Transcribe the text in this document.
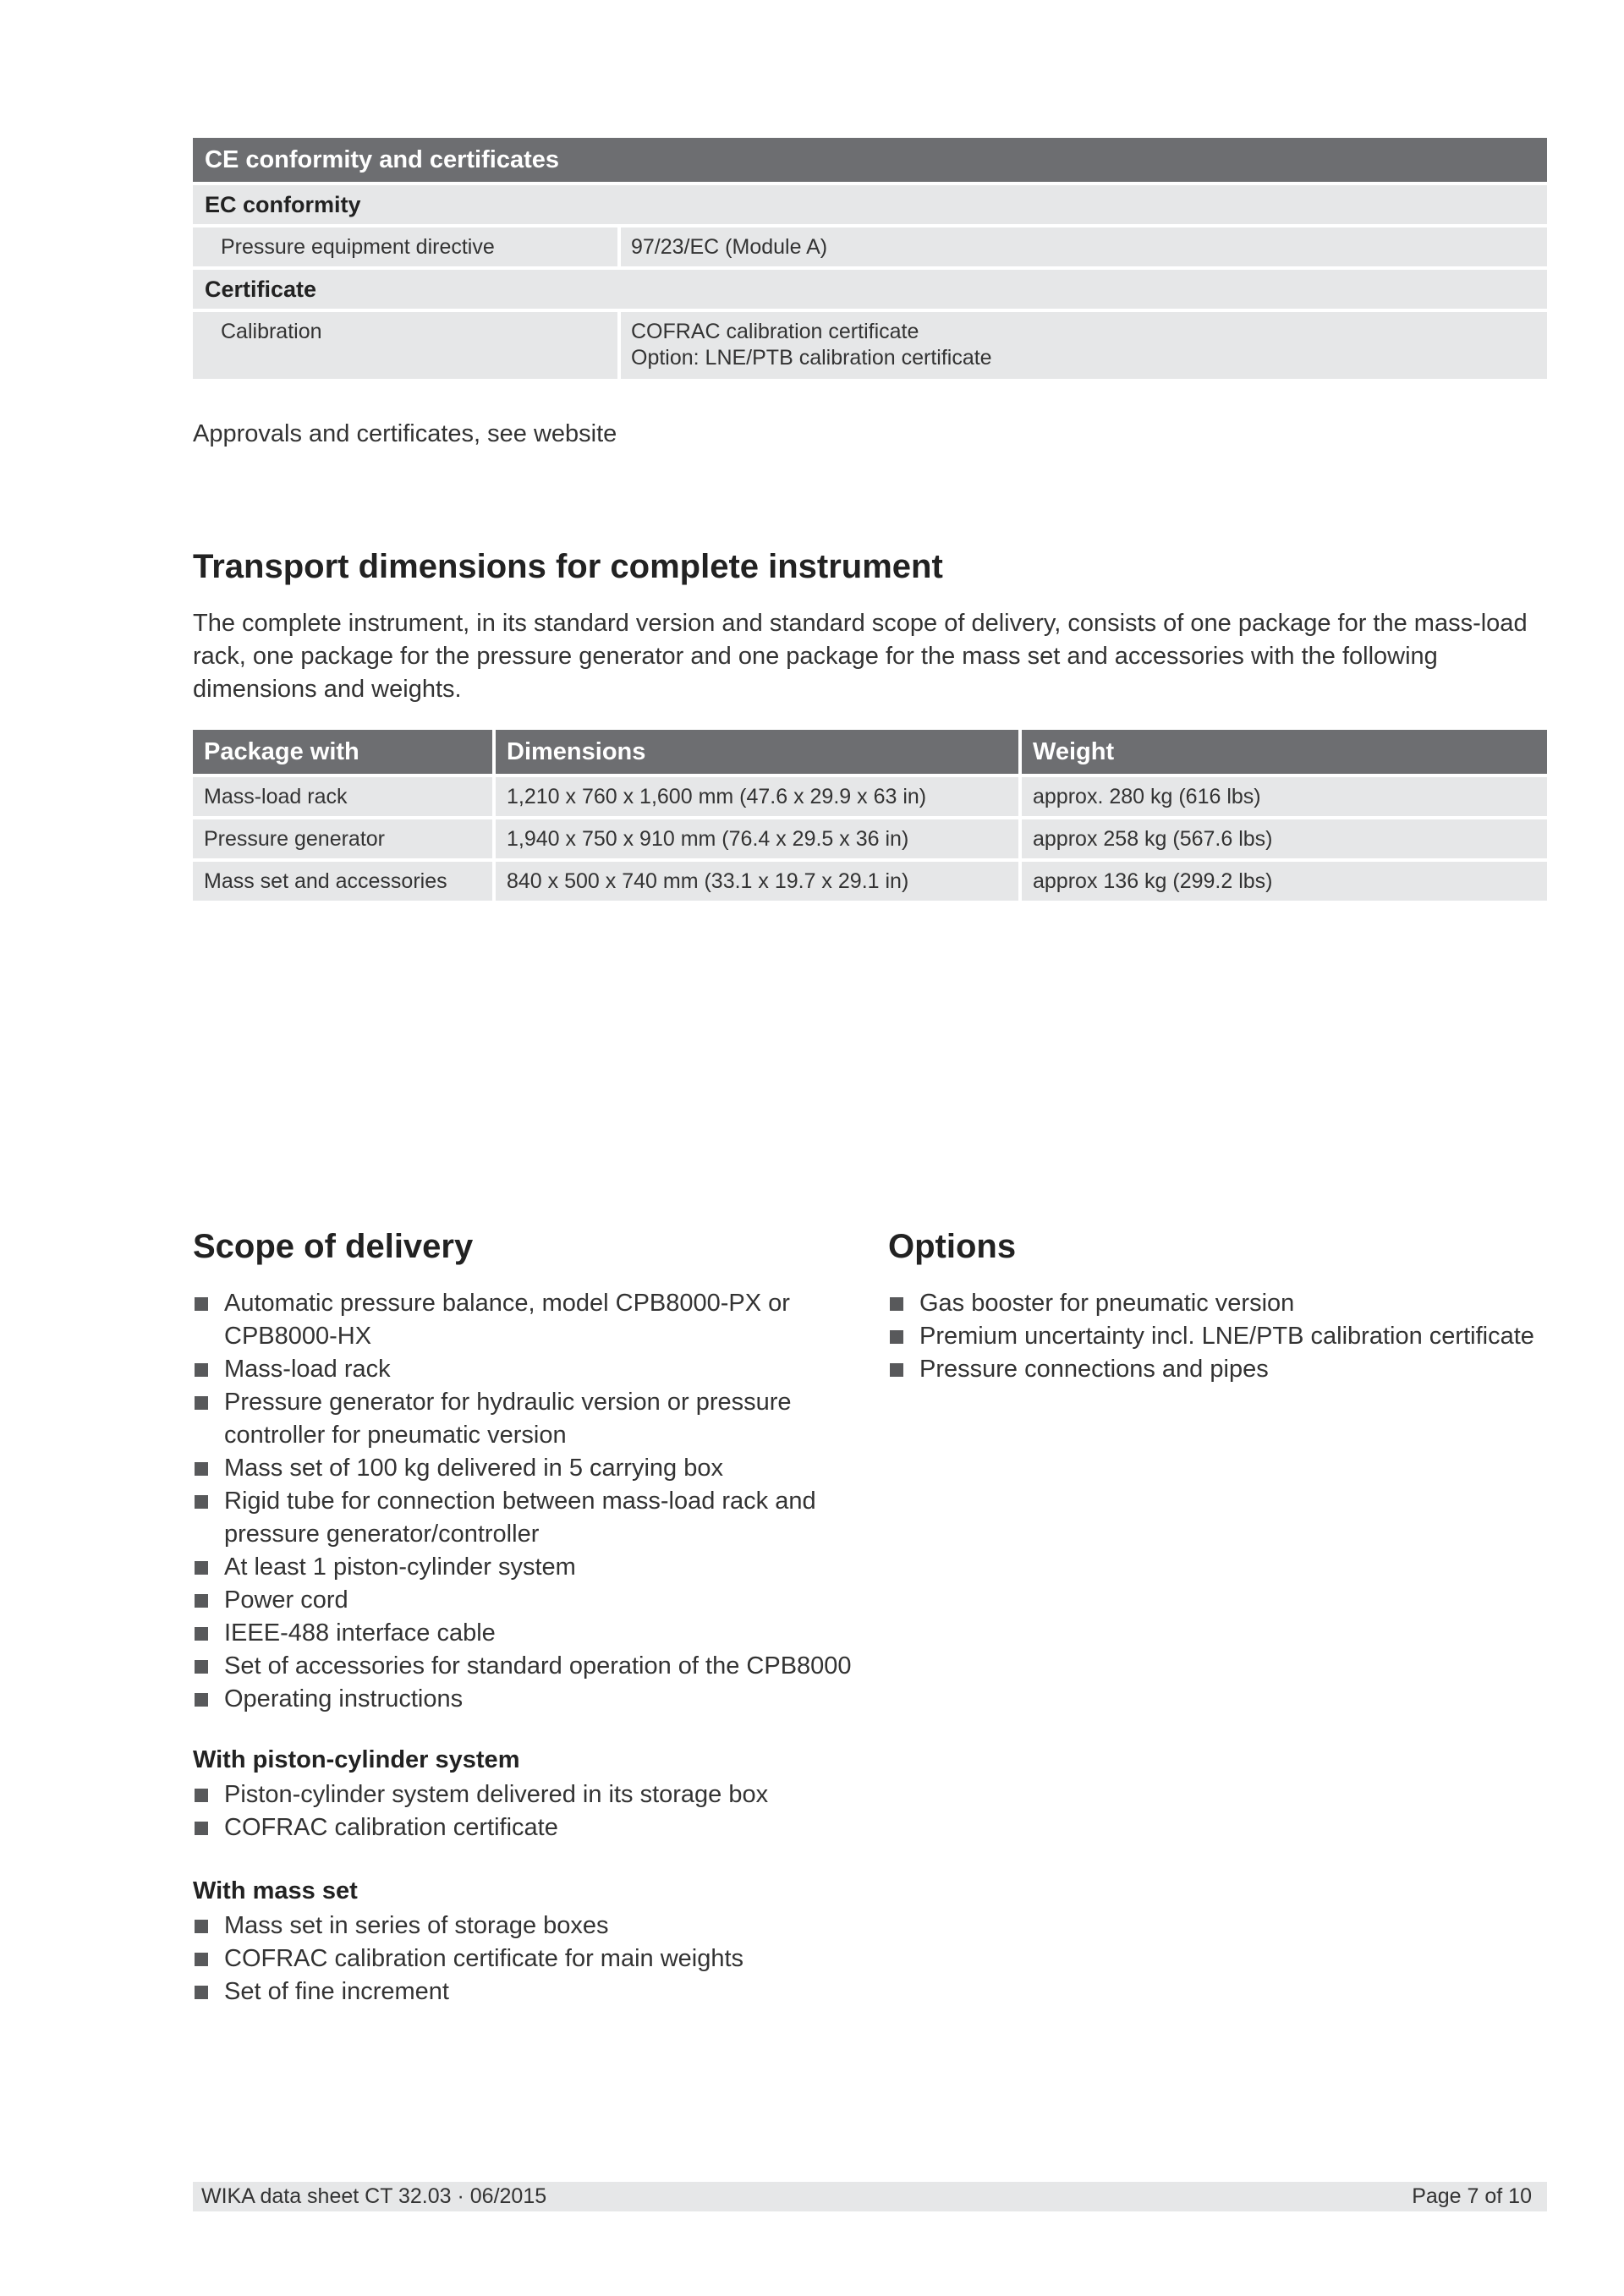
CE conformity and certificates
EC conformity
Pressure equipment directive	97/23/EC (Module A)
Certificate
Calibration	COFRAC calibration certificate
Option: LNE/PTB calibration certificate
Approvals and certificates, see website
Transport dimensions for complete instrument
The complete instrument, in its standard version and standard scope of delivery, consists of one package for the mass-load
rack, one package for the pressure generator and one package for the mass set and accessories with the following
dimensions and weights.
Package with	Dimensions	Weight
Mass-load rack	1,210 x 760 x 1,600 mm (47.6 x 29.9 x 63 in)	approx. 280 kg (616 lbs)
Pressure generator	1,940 x 750 x 910 mm (76.4 x 29.5 x 36 in)	approx 258 kg (567.6 lbs)
Mass set and accessories	840 x 500 x 740 mm (33.1 x 19.7 x 29.1 in)	approx 136 kg (299.2 lbs)
Scope of delivery
Automatic pressure balance, model CPB8000-PX or
CPB8000-HX
Mass-load rack
Pressure generator for hydraulic version or pressure
controller for pneumatic version
Mass set of 100 kg delivered in 5 carrying box
Rigid tube for connection between mass-load rack and
pressure generator/controller
At least 1 piston-cylinder system
Power cord
IEEE-488 interface cable
Set of accessories for standard operation of the CPB8000
Operating instructions
With piston-cylinder system
Piston-cylinder system delivered in its storage box
COFRAC calibration certificate
With mass set
Mass set in series of storage boxes
COFRAC calibration certificate for main weights
Set of fine increment
Options
Gas booster for pneumatic version
Premium uncertainty incl. LNE/PTB calibration certificate
Pressure connections and pipes
WIKA data sheet CT 32.03 · 06/2015	Page 7 of 10
